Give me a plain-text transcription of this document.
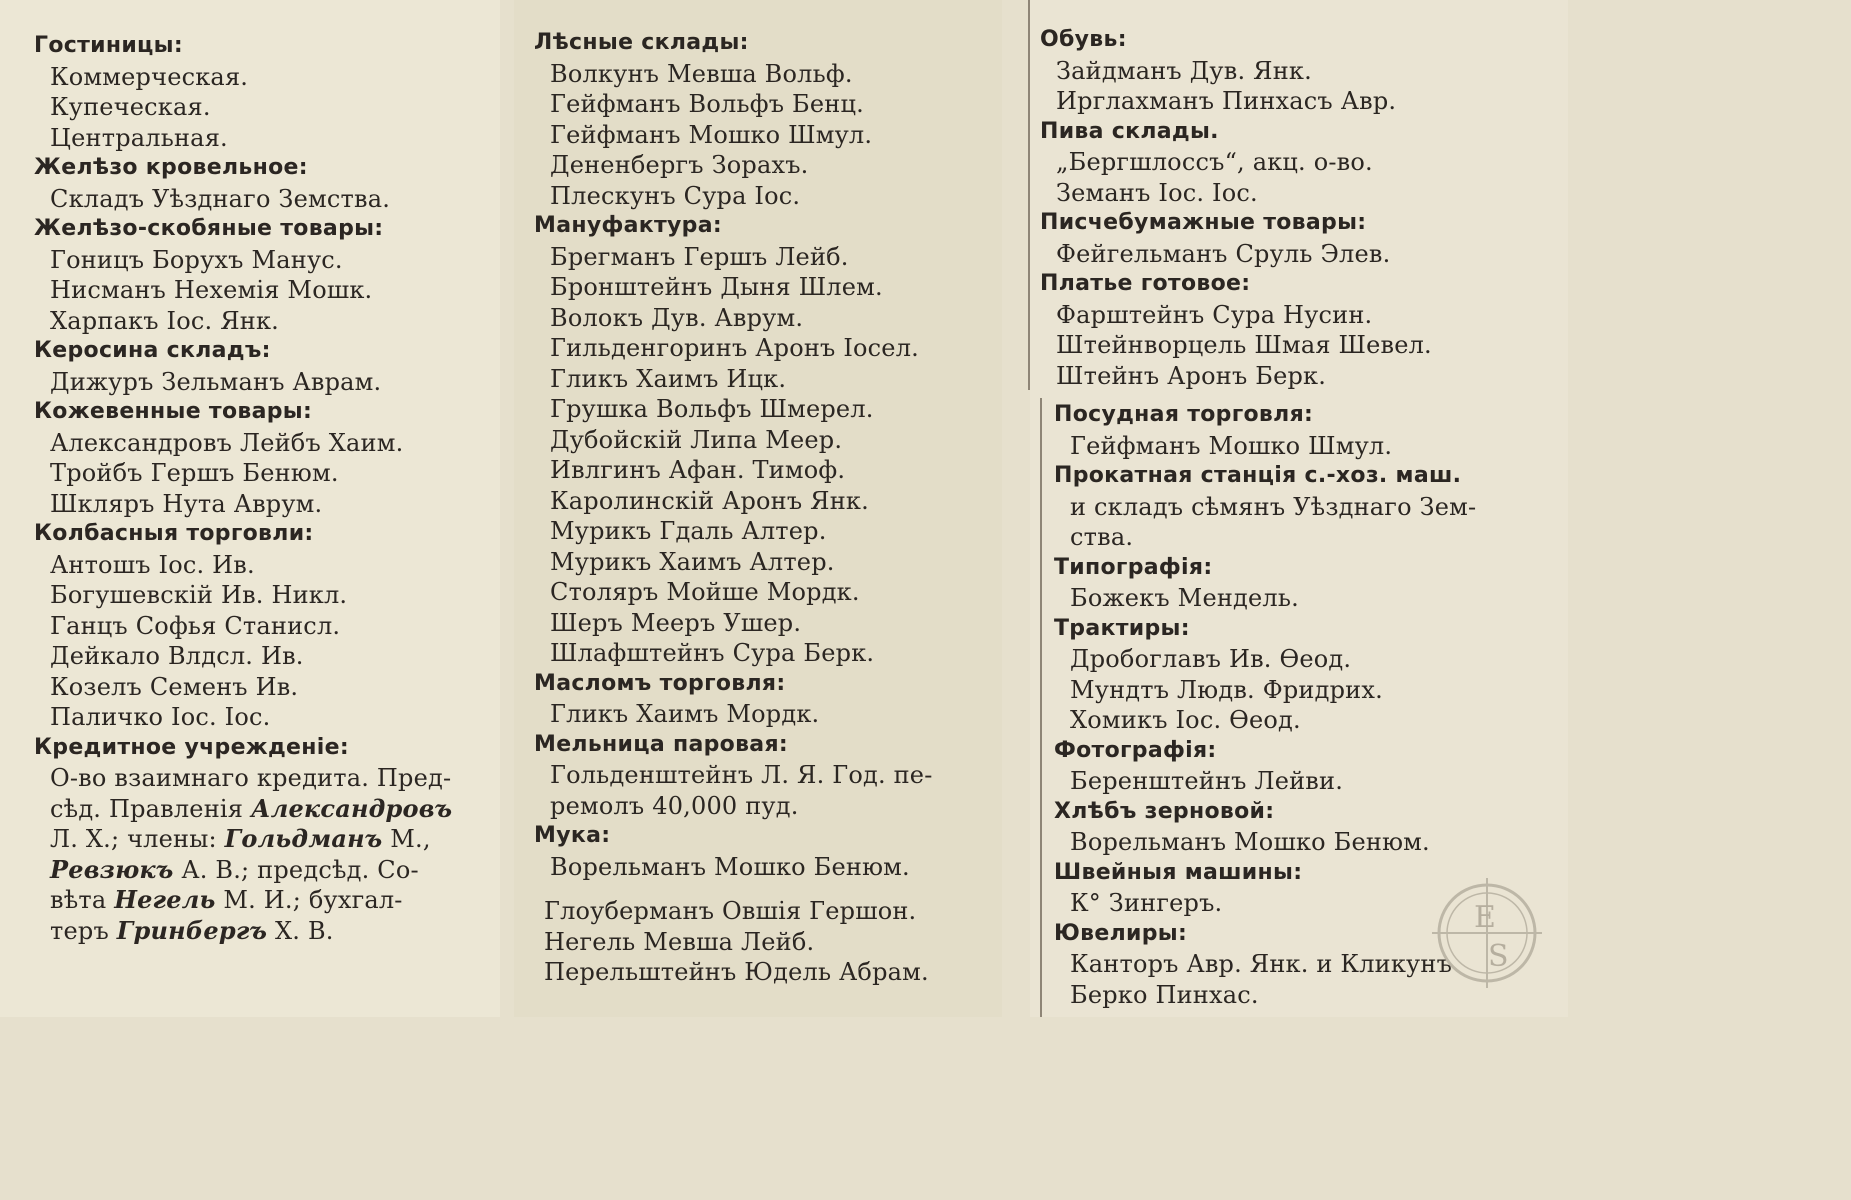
Гостиницы:
Коммерческая.
Купеческая.
Центральная.
Желѣзо кровельное:
Складъ Уѣзднаго Земства.
Желѣзо-скобяные товары:
Гоницъ Борухъ Манус.
Нисманъ Нехемія Мошк.
Харпакъ Іос. Янк.
Керосина складъ:
Дижуръ Зельманъ Аврам.
Кожевенные товары:
Александровъ Лейбъ Хаим.
Тройбъ Гершъ Бенюм.
Шкляръ Нута Аврум.
Колбасныя торговли:
Антошъ Іос. Ив.
Богушевскій Ив. Никл.
Ганцъ Софья Станисл.
Дейкало Влдсл. Ив.
Козелъ Семенъ Ив.
Паличко Іос. Іос.
Кредитное учрежденіе:
О-во взаимнаго кредита. Пред-
сѣд. Правленія Александровъ
Л. Х.; члены: Гольдманъ М.,
Ревзюкъ А. В.; предсѣд. Со-
вѣта Негель М. И.; бухгал-
теръ Гринбергъ Х. В.
Лѣсные склады:
Волкунъ Мевша Вольф.
Гейфманъ Вольфъ Бенц.
Гейфманъ Мошко Шмул.
Дененбергъ Зорахъ.
Плескунъ Сура Іос.
Мануфактура:
Брегманъ Гершъ Лейб.
Бронштейнъ Дыня Шлем.
Волокъ Дув. Аврум.
Гильденгоринъ Аронъ Іосел.
Гликъ Хаимъ Ицк.
Грушка Вольфъ Шмерел.
Дубойскій Липа Меер.
Ивлгинъ Афан. Тимоф.
Каролинскій Аронъ Янк.
Мурикъ Гдаль Алтер.
Мурикъ Хаимъ Алтер.
Столяръ Мойше Мордк.
Шеръ Мееръ Ушер.
Шлафштейнъ Сура Берк.
Масломъ торговля:
Гликъ Хаимъ Мордк.
Мельница паровая:
Гольденштейнъ Л. Я. Год. пе-
ремолъ 40,000 пуд.
Мука:
Ворельманъ Мошко Бенюм.
Глоуберманъ Овшія Гершон.
Негель Мевша Лейб.
Перельштейнъ Юдель Абрам.
Обувь:
Зайдманъ Дув. Янк.
Ирглахманъ Пинхасъ Авр.
Пива склады.
„Бергшлоссъ“, акц. о-во.
Земанъ Іос. Іос.
Писчебумажные товары:
Фейгельманъ Сруль Элев.
Платье готовое:
Фарштейнъ Сура Нусин.
Штейнворцель Шмая Шевел.
Штейнъ Аронъ Берк.
Посудная торговля:
Гейфманъ Мошко Шмул.
Прокатная станція с.-хоз. маш.
и складъ сѣмянъ Уѣзднаго Зем-
ства.
Типографія:
Божекъ Мендель.
Трактиры:
Дробоглавъ Ив. Ѳеод.
Мундтъ Людв. Фридрих.
Хомикъ Іос. Ѳеод.
Фотографія:
Беренштейнъ Лейви.
Хлѣбъ зерновой:
Ворельманъ Мошко Бенюм.
Швейныя машины:
К° Зингеръ.
Ювелиры:
Канторъ Авр. Янк. и Кликунъ
Берко Пинхас.
E
S
